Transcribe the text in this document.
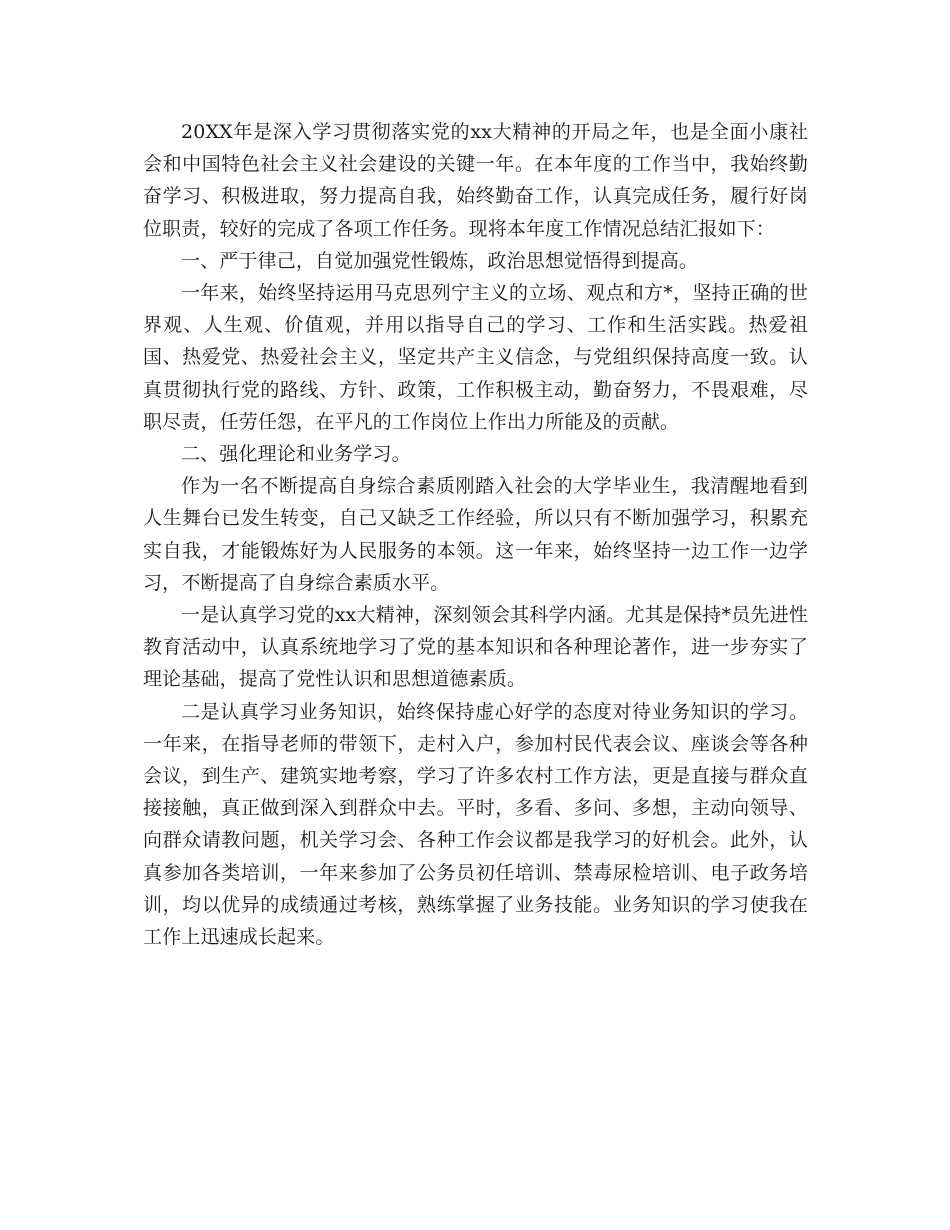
20XX年是深入学习贯彻落实党的xx大精神的开局之年，也是全面小康社会和中国特色社会主义社会建设的关键一年。在本年度的工作当中，我始终勤奋学习、积极进取，努力提高自我，始终勤奋工作，认真完成任务，履行好岗位职责，较好的完成了各项工作任务。现将本年度工作情况总结汇报如下：

一、严于律己，自觉加强党性锻炼，政治思想觉悟得到提高。

一年来，始终坚持运用马克思列宁主义的立场、观点和方*，坚持正确的世界观、人生观、价值观，并用以指导自己的学习、工作和生活实践。热爱祖国、热爱党、热爱社会主义，坚定共产主义信念，与党组织保持高度一致。认真贯彻执行党的路线、方针、政策，工作积极主动，勤奋努力，不畏艰难，尽职尽责，任劳任怨，在平凡的工作岗位上作出力所能及的贡献。

二、强化理论和业务学习。

作为一名不断提高自身综合素质刚踏入社会的大学毕业生，我清醒地看到人生舞台已发生转变，自己又缺乏工作经验，所以只有不断加强学习，积累充实自我，才能锻炼好为人民服务的本领。这一年来，始终坚持一边工作一边学习，不断提高了自身综合素质水平。

一是认真学习党的xx大精神，深刻领会其科学内涵。尤其是保持*员先进性教育活动中，认真系统地学习了党的基本知识和各种理论著作，进一步夯实了理论基础，提高了党性认识和思想道德素质。

二是认真学习业务知识，始终保持虚心好学的态度对待业务知识的学习。一年来，在指导老师的带领下，走村入户，参加村民代表会议、座谈会等各种会议，到生产、建筑实地考察，学习了许多农村工作方法，更是直接与群众直接接触，真正做到深入到群众中去。平时，多看、多问、多想，主动向领导、向群众请教问题，机关学习会、各种工作会议都是我学习的好机会。此外，认真参加各类培训，一年来参加了公务员初任培训、禁毒尿检培训、电子政务培训，均以优异的成绩通过考核，熟练掌握了业务技能。业务知识的学习使我在工作上迅速成长起来。
